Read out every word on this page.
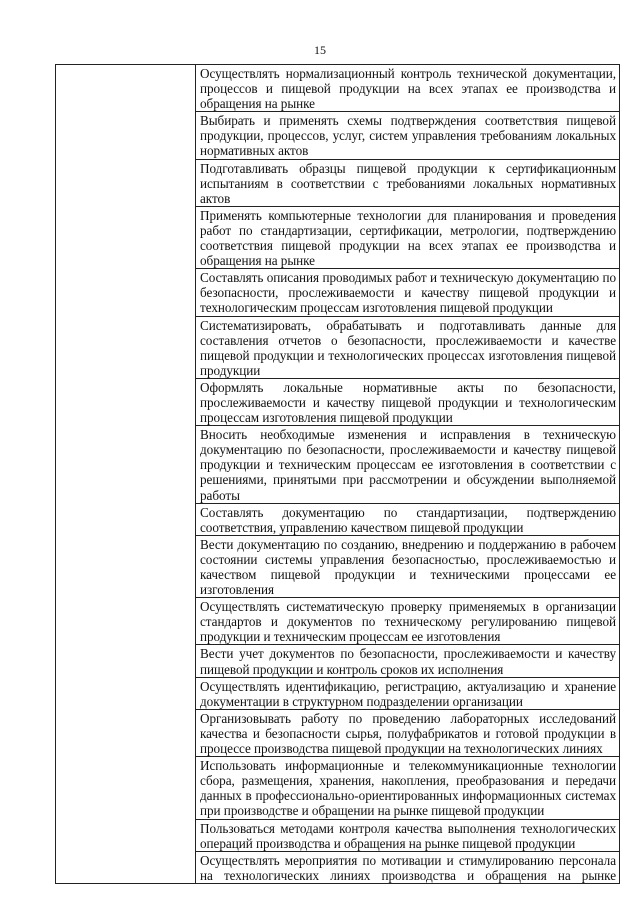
15

Осуществлять нормализационный контроль технической документации, процессов и пищевой продукции на всех этапах ее производства и обращения на рынке

Выбирать и применять схемы подтверждения соответствия пищевой продукции, процессов, услуг, систем управления требованиям локальных нормативных актов

Подготавливать образцы пищевой продукции к сертификационным испытаниям в соответствии с требованиями локальных нормативных актов

Применять компьютерные технологии для планирования и проведения работ по стандартизации, сертификации, метрологии, подтверждению соответствия пищевой продукции на всех этапах ее производства и обращения на рынке

Составлять описания проводимых работ и техническую документацию по безопасности, прослеживаемости и качеству пищевой продукции и технологическим процессам изготовления пищевой продукции

Систематизировать, обрабатывать и подготавливать данные для составления отчетов о безопасности, прослеживаемости и качестве пищевой продукции и технологических процессах изготовления пищевой продукции

Оформлять локальные нормативные акты по безопасности, прослеживаемости и качеству пищевой продукции и технологическим процессам изготовления пищевой продукции

Вносить необходимые изменения и исправления в техническую документацию по безопасности, прослеживаемости и качеству пищевой продукции и техническим процессам ее изготовления в соответствии с решениями, принятыми при рассмотрении и обсуждении выполняемой работы

Составлять документацию по стандартизации, подтверждению соответствия, управлению качеством пищевой продукции

Вести документацию по созданию, внедрению и поддержанию в рабочем состоянии системы управления безопасностью, прослеживаемостью и качеством пищевой продукции и техническими процессами ее изготовления

Осуществлять систематическую проверку применяемых в организации стандартов и документов по техническому регулированию пищевой продукции и техническим процессам ее изготовления

Вести учет документов по безопасности, прослеживаемости и качеству пищевой продукции и контроль сроков их исполнения

Осуществлять идентификацию, регистрацию, актуализацию и хранение документации в структурном подразделении организации

Организовывать работу по проведению лабораторных исследований качества и безопасности сырья, полуфабрикатов и готовой продукции в процессе производства пищевой продукции на технологических линиях

Использовать информационные и телекоммуникационные технологии сбора, размещения, хранения, накопления, преобразования и передачи данных в профессионально-ориентированных информационных системах при производстве и обращении на рынке пищевой продукции

Пользоваться методами контроля качества выполнения технологических операций производства и обращения на рынке пищевой продукции

Осуществлять мероприятия по мотивации и стимулированию персонала на технологических линиях производства и обращения на рынке
